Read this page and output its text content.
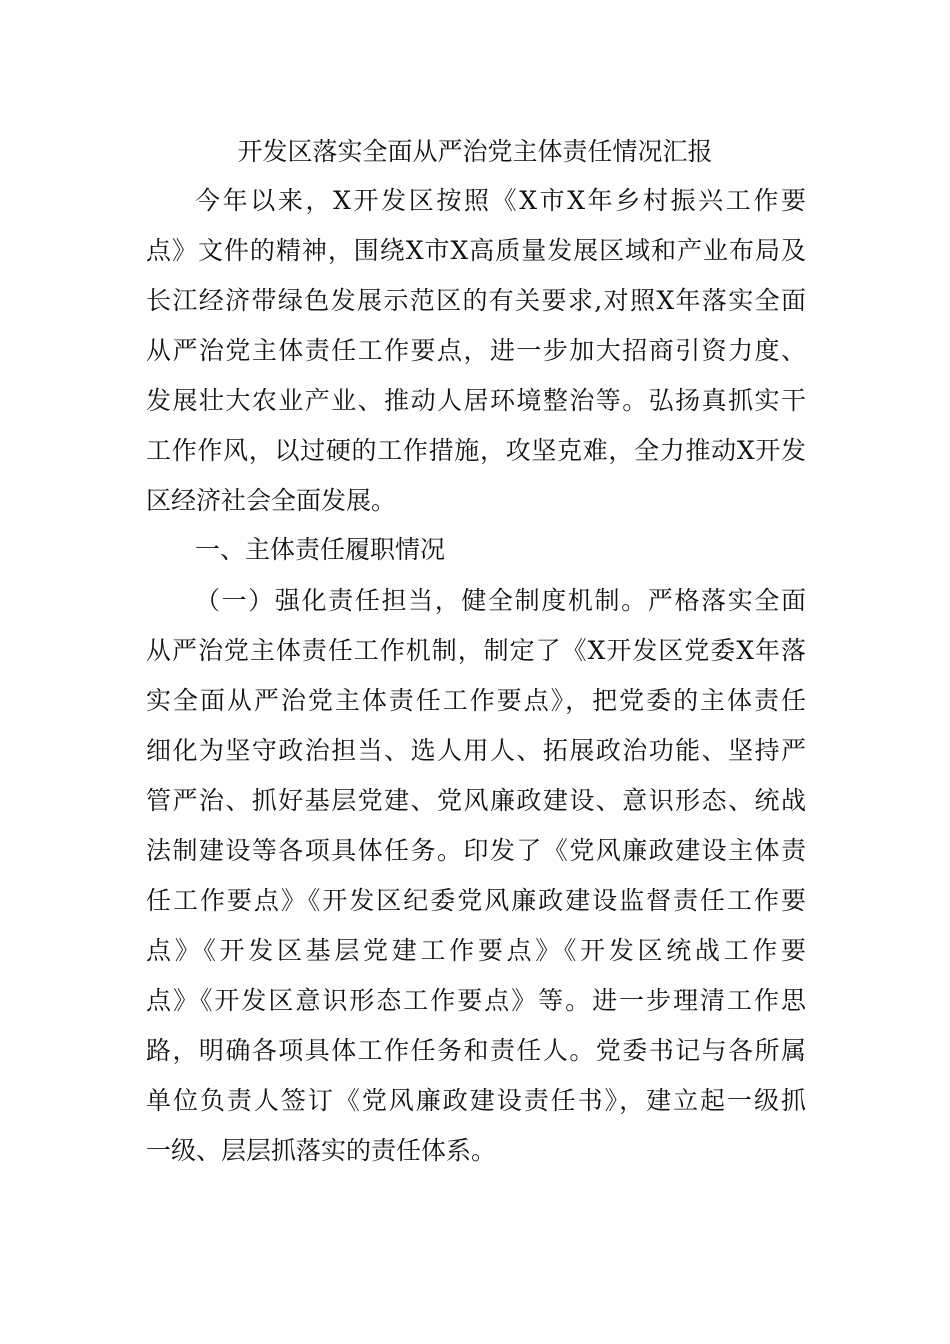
开发区落实全面从严治党主体责任情况汇报
今年以来，X开发区按照《X市X年乡村振兴工作要
点》文件的精神，围绕X市X高质量发展区域和产业布局及
长江经济带绿色发展示范区的有关要求,对照X年落实全面
从严治党主体责任工作要点，进一步加大招商引资力度、
发展壮大农业产业、推动人居环境整治等。弘扬真抓实干
工作作风，以过硬的工作措施，攻坚克难，全力推动X开发
区经济社会全面发展。
一、主体责任履职情况
（一）强化责任担当，健全制度机制。严格落实全面
从严治党主体责任工作机制，制定了《X开发区党委X年落
实全面从严治党主体责任工作要点》，把党委的主体责任
细化为坚守政治担当、选人用人、拓展政治功能、坚持严
管严治、抓好基层党建、党风廉政建设、意识形态、统战
法制建设等各项具体任务。印发了《党风廉政建设主体责
任工作要点》《开发区纪委党风廉政建设监督责任工作要
点》《开发区基层党建工作要点》《开发区统战工作要
点》《开发区意识形态工作要点》等。进一步理清工作思
路，明确各项具体工作任务和责任人。党委书记与各所属
单位负责人签订《党风廉政建设责任书》，建立起一级抓
一级、层层抓落实的责任体系。
